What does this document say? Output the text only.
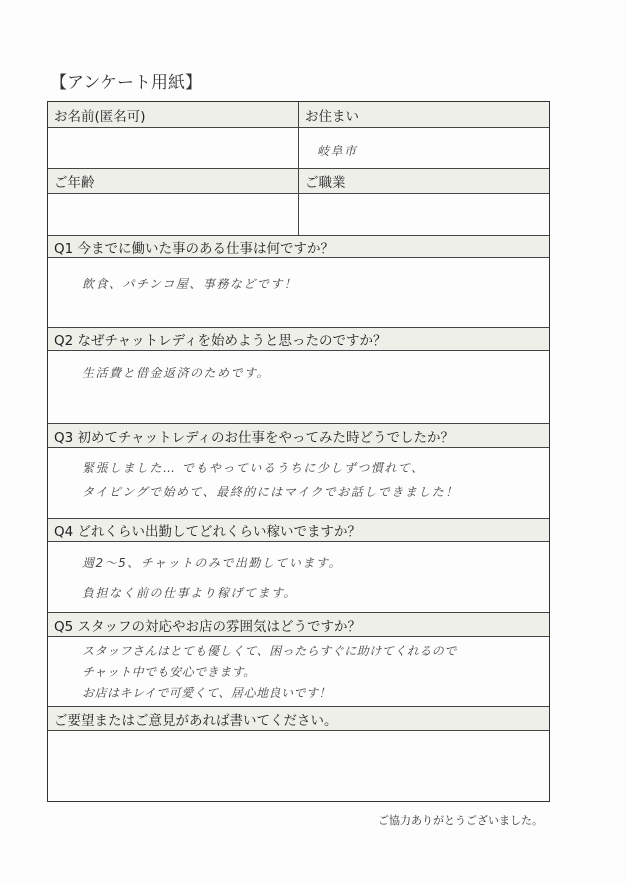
【アンケート用紙】
お名前(匿名可)	お住まい
岐阜市
ご年齢	ご職業
Q1 今までに働いた事のある仕事は何ですか？
飲食、パチンコ屋、事務などです！
Q2 なぜチャットレディを始めようと思ったのですか？
生活費と借金返済のためです。
Q3 初めてチャットレディのお仕事をやってみた時どうでしたか？
緊張しました… でもやっているうちに少しずつ慣れて、
タイピングで始めて、最終的にはマイクでお話しできました！
Q4 どれくらい出勤してどれくらい稼いでますか？
週2～5、チャットのみで出勤しています。
負担なく前の仕事より稼げてます。
Q5 スタッフの対応やお店の雰囲気はどうですか？
スタッフさんはとても優しくて、困ったらすぐに助けてくれるので
チャット中でも安心できます。
お店はキレイで可愛くて、居心地良いです！
ご要望またはご意見があれば書いてください。
ご協力ありがとうございました。
